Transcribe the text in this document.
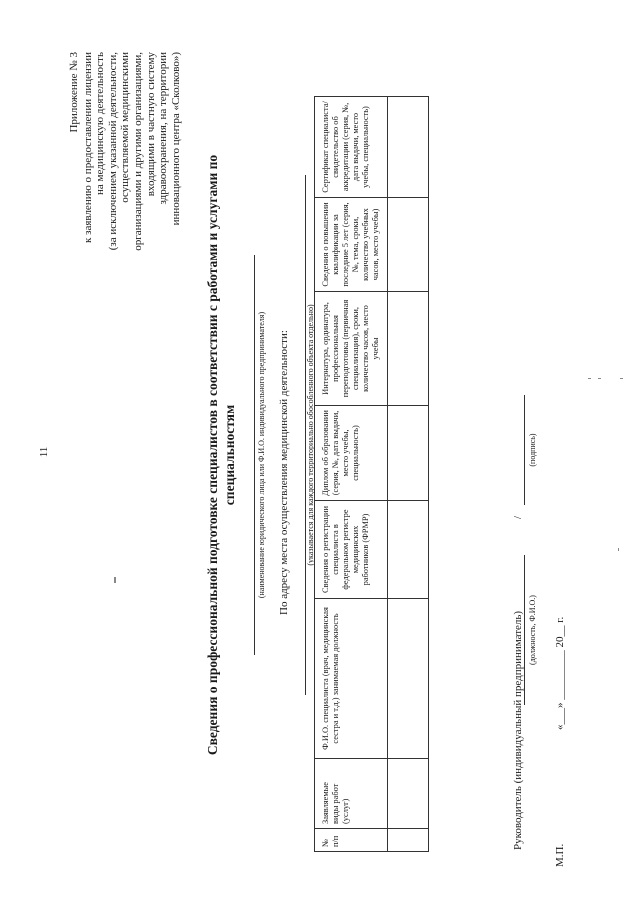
11
Приложение № 3 к заявлению о предоставлении лицензии на медицинскую деятельность (за исключением указанной деятельности, осуществляемой медицинскими организациями и другими организациями, входящими в частную систему здравоохранения, на территории инновационного центра «Сколково»)
Сведения о профессиональной подготовке специалистов в соответствии с работами и услугами по специальностям	(наименование юридического лица или Ф.И.О. индивидуального предпринимателя) По адресу места осуществления медицинской деятельности: (указывается для каждого территориально обособленного объекта отдельно)
№ п/п	Заявляемые виды работ (услуг)	Ф.И.О. специалиста (врач, медицинская сестра и т.д.) занимаемая должность	Сведения о регистрации специалиста в федеральном регистре медицинских работников (ФРМР)	Диплом об образовании (серия, №, дата выдачи, место учебы, специальность)	Интернатура, ординатура, профессиональная переподготовка (первичная специализация), сроки, количество часов, место учебы	Сведения о повышении квалификации за последние 5 лет (серия, №, тема, сроки, количество учебных часов, место учебы)	Сертификат специалиста/ свидетельство об аккредитации (серия, №, дата выдачи, место учебы, специальность)

Руководитель (индивидуальный предприниматель)
/
(должность, Ф.И.О.)
(подпись)
М.П.
«___» _________ 20__ г.
